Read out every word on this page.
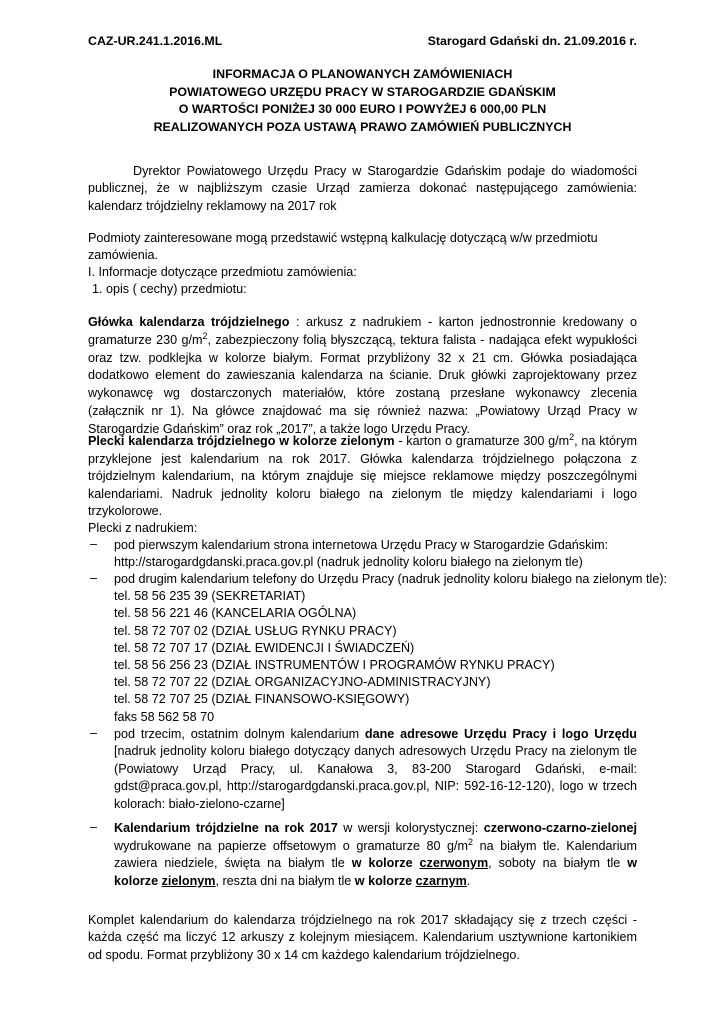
CAZ-UR.241.1.2016.ML	Starogard Gdański dn. 21.09.2016 r.
INFORMACJA O PLANOWANYCH ZAMÓWIENIACH
POWIATOWEGO URZĘDU PRACY W STAROGARDZIE GDAŃSKIM
O WARTOŚCI PONIŻEJ 30 000 EURO I POWYŻEJ 6 000,00 PLN
REALIZOWANYCH POZA USTAWĄ PRAWO ZAMÓWIEŃ PUBLICZNYCH

Dyrektor Powiatowego Urzędu Pracy w Starogardzie Gdańskim podaje do wiadomości publicznej, że w najbliższym czasie Urząd zamierza dokonać następującego zamówienia: kalendarz trójdzielny reklamowy na 2017 rok

Podmioty zainteresowane mogą przedstawić wstępną kalkulację dotyczącą w/w przedmiotu zamówienia.

I. Informacje dotyczące przedmiotu zamówienia:
1. opis ( cechy) przedmiotu:

Główka kalendarza trójdzielnego : arkusz z nadrukiem - karton jednostronnie kredowany o gramaturze 230 $g/m^2$, zabezpieczony folią błyszczącą, tektura falista - nadająca efekt wypukłości oraz tzw. podklejka w kolorze białym. Format przybliżony 32 x 21 cm. Główka posiadająca dodatkowo element do zawieszania kalendarza na ścianie. Druk główki zaprojektowany przez wykonawcę wg dostarczonych materiałów, które zostaną przesłane wykonawcy zlecenia (załącznik nr 1). Na główce znajdować ma się również nazwa: „Powiatowy Urząd Pracy w Starogardzie Gdańskim” oraz rok „2017”, a także logo Urzędu Pracy.

Plecki kalendarza trójdzielnego w kolorze zielonym - karton o gramaturze 300 $g/m^2$, na którym przyklejone jest kalendarium na rok 2017. Główka kalendarza trójdzielnego połączona z trójdzielnym kalendarium, na którym znajduje się miejsce reklamowe między poszczególnymi kalendariami. Nadruk jednolity koloru białego na zielonym tle między kalendariami i logo trzykolorowe.

Plecki z nadrukiem:
– pod pierwszym kalendarium strona internetowa Urzędu Pracy w Starogardzie Gdańskim:
http://starogardgdanski.praca.gov.pl (nadruk jednolity koloru białego na zielonym tle)
– pod drugim kalendarium telefony do Urzędu Pracy (nadruk jednolity koloru białego na zielonym tle):
tel. 58 56 235 39 (SEKRETARIAT)
tel. 58 56 221 46 (KANCELARIA OGÓLNA)
tel. 58 72 707 02 (DZIAŁ USŁUG RYNKU PRACY)
tel. 58 72 707 17 (DZIAŁ EWIDENCJI I ŚWIADCZEŃ)
tel. 58 56 256 23 (DZIAŁ INSTRUMENTÓW I PROGRAMÓW RYNKU PRACY)
tel. 58 72 707 22 (DZIAŁ ORGANIZACYJNO-ADMINISTRACYJNY)
tel. 58 72 707 25 (DZIAŁ FINANSOWO-KSIĘGOWY)
faks 58 562 58 70
– pod trzecim, ostatnim dolnym kalendarium dane adresowe Urzędu Pracy i logo Urzędu [nadruk jednolity koloru białego dotyczący danych adresowych Urzędu Pracy na zielonym tle (Powiatowy Urząd Pracy, ul. Kanałowa 3, 83-200 Starogard Gdański, e-mail: gdst@praca.gov.pl, http://starogardgdanski.praca.gov.pl, NIP: 592-16-12-120), logo w trzech kolorach: biało-zielono-czarne]

– Kalendarium trójdzielne na rok 2017 w wersji kolorystycznej: czerwono-czarno-zielonej wydrukowane na papierze offsetowym o gramaturze 80 $g/m^2$ na białym tle. Kalendarium zawiera niedziele, święta na białym tle w kolorze czerwonym, soboty na białym tle w kolorze zielonym, reszta dni na białym tle w kolorze czarnym.

Komplet kalendarium do kalendarza trójdzielnego na rok 2017 składający się z trzech części - każda część ma liczyć 12 arkuszy z kolejnym miesiącem. Kalendarium usztywnione kartonikiem od spodu. Format przybliżony 30 x 14 cm każdego kalendarium trójdzielnego.
